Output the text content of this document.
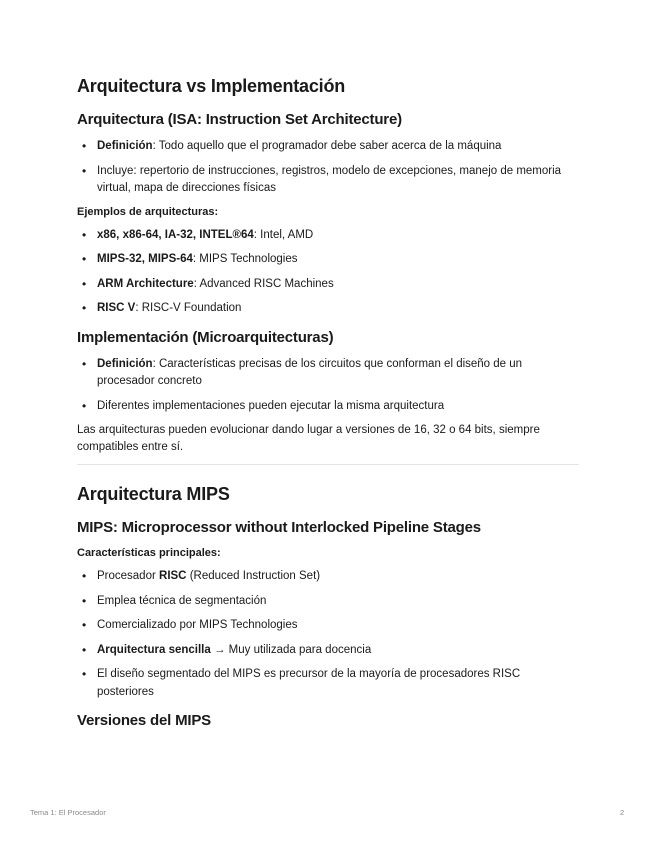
Arquitectura vs Implementación
Arquitectura (ISA: Instruction Set Architecture)
• Definición: Todo aquello que el programador debe saber acerca de la máquina
• Incluye: repertorio de instrucciones, registros, modelo de excepciones, manejo de memoria virtual, mapa de direcciones físicas
Ejemplos de arquitecturas:
• x86, x86-64, IA-32, INTEL®64: Intel, AMD
• MIPS-32, MIPS-64: MIPS Technologies
• ARM Architecture: Advanced RISC Machines
• RISC V: RISC-V Foundation
Implementación (Microarquitecturas)
• Definición: Características precisas de los circuitos que conforman el diseño de un procesador concreto
• Diferentes implementaciones pueden ejecutar la misma arquitectura

Las arquitecturas pueden evolucionar dando lugar a versiones de 16, 32 o 64 bits, siempre compatibles entre sí.

Arquitectura MIPS
MIPS: Microprocessor without Interlocked Pipeline Stages
Características principales:
• Procesador RISC (Reduced Instruction Set)
• Emplea técnica de segmentación
• Comercializado por MIPS Technologies
• Arquitectura sencilla → Muy utilizada para docencia
• El diseño segmentado del MIPS es precursor de la mayoría de procesadores RISC posteriores
Versiones del MIPS
Tema 1: El Procesador	2
